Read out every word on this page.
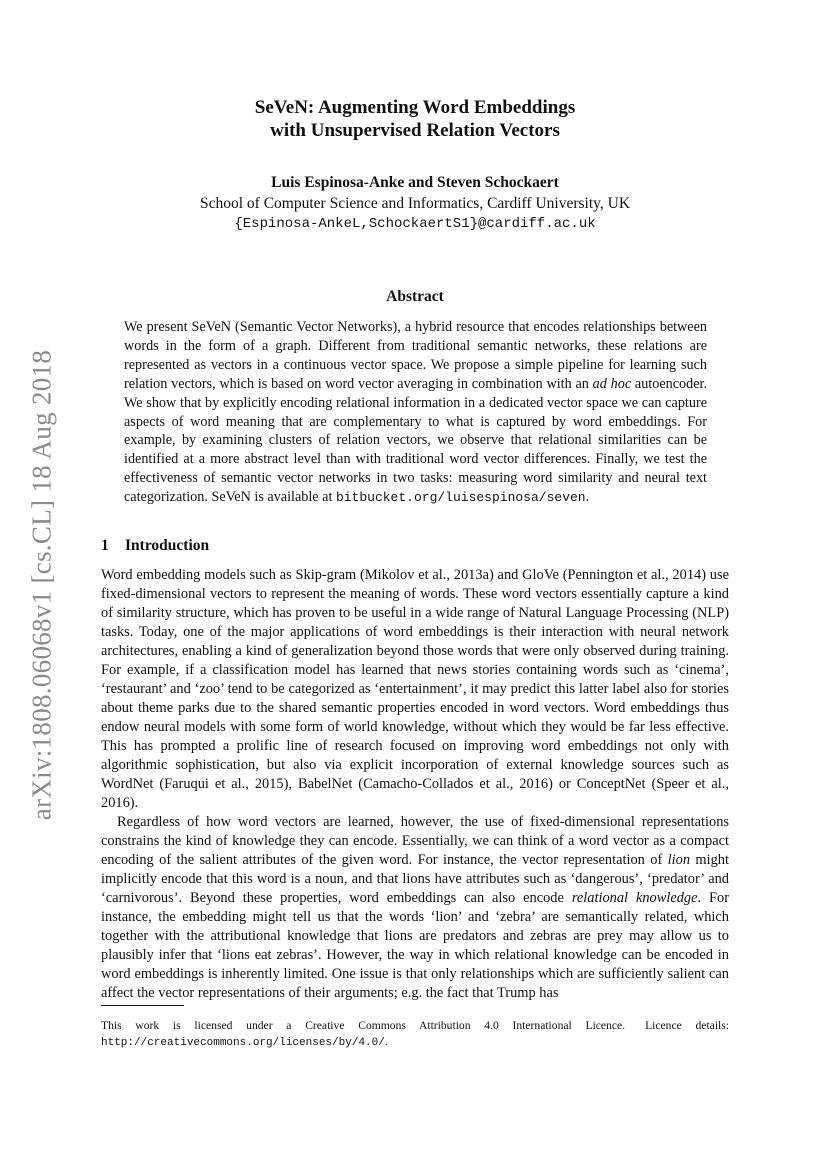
arXiv:1808.06068v1 [cs.CL] 18 Aug 2018
SeVeN: Augmenting Word Embeddings
with Unsupervised Relation Vectors
Luis Espinosa-Anke and Steven Schockaert
School of Computer Science and Informatics, Cardiff University, UK
{Espinosa-AnkeL,SchockaertS1}@cardiff.ac.uk
Abstract

We present SeVeN (Semantic Vector Networks), a hybrid resource that encodes relationships between words in the form of a graph. Different from traditional semantic networks, these relations are represented as vectors in a continuous vector space. We propose a simple pipeline for learning such relation vectors, which is based on word vector averaging in combination with an ad hoc autoencoder. We show that by explicitly encoding relational information in a dedicated vector space we can capture aspects of word meaning that are complementary to what is captured by word embeddings. For example, by examining clusters of relation vectors, we observe that relational similarities can be identified at a more abstract level than with traditional word vector differences. Finally, we test the effectiveness of semantic vector networks in two tasks: measuring word similarity and neural text categorization. SeVeN is available at bitbucket.org/luisespinosa/seven.

1 Introduction

Word embedding models such as Skip-gram (Mikolov et al., 2013a) and GloVe (Pennington et al., 2014) use fixed-dimensional vectors to represent the meaning of words. These word vectors essentially capture a kind of similarity structure, which has proven to be useful in a wide range of Natural Language Processing (NLP) tasks. Today, one of the major applications of word embeddings is their interaction with neural network architectures, enabling a kind of generalization beyond those words that were only observed during training. For example, if a classification model has learned that news stories containing words such as ‘cinema’, ‘restaurant’ and ‘zoo’ tend to be categorized as ‘entertainment’, it may predict this latter label also for stories about theme parks due to the shared semantic properties encoded in word vectors. Word embeddings thus endow neural models with some form of world knowledge, without which they would be far less effective. This has prompted a prolific line of research focused on improving word embeddings not only with algorithmic sophistication, but also via explicit incorporation of external knowledge sources such as WordNet (Faruqui et al., 2015), BabelNet (Camacho-Collados et al., 2016) or ConceptNet (Speer et al., 2016).

Regardless of how word vectors are learned, however, the use of fixed-dimensional representations constrains the kind of knowledge they can encode. Essentially, we can think of a word vector as a compact encoding of the salient attributes of the given word. For instance, the vector representation of lion might implicitly encode that this word is a noun, and that lions have attributes such as ‘dangerous’, ‘predator’ and ‘carnivorous’. Beyond these properties, word embeddings can also encode relational knowledge. For instance, the embedding might tell us that the words ‘lion’ and ‘zebra’ are semantically related, which together with the attributional knowledge that lions are predators and zebras are prey may allow us to plausibly infer that ‘lions eat zebras’. However, the way in which relational knowledge can be encoded in word embeddings is inherently limited. One issue is that only relationships which are sufficiently salient can affect the vector representations of their arguments; e.g. the fact that Trump has

This work is licensed under a Creative Commons Attribution 4.0 International Licence. Licence details: http://creativecommons.org/licenses/by/4.0/.
